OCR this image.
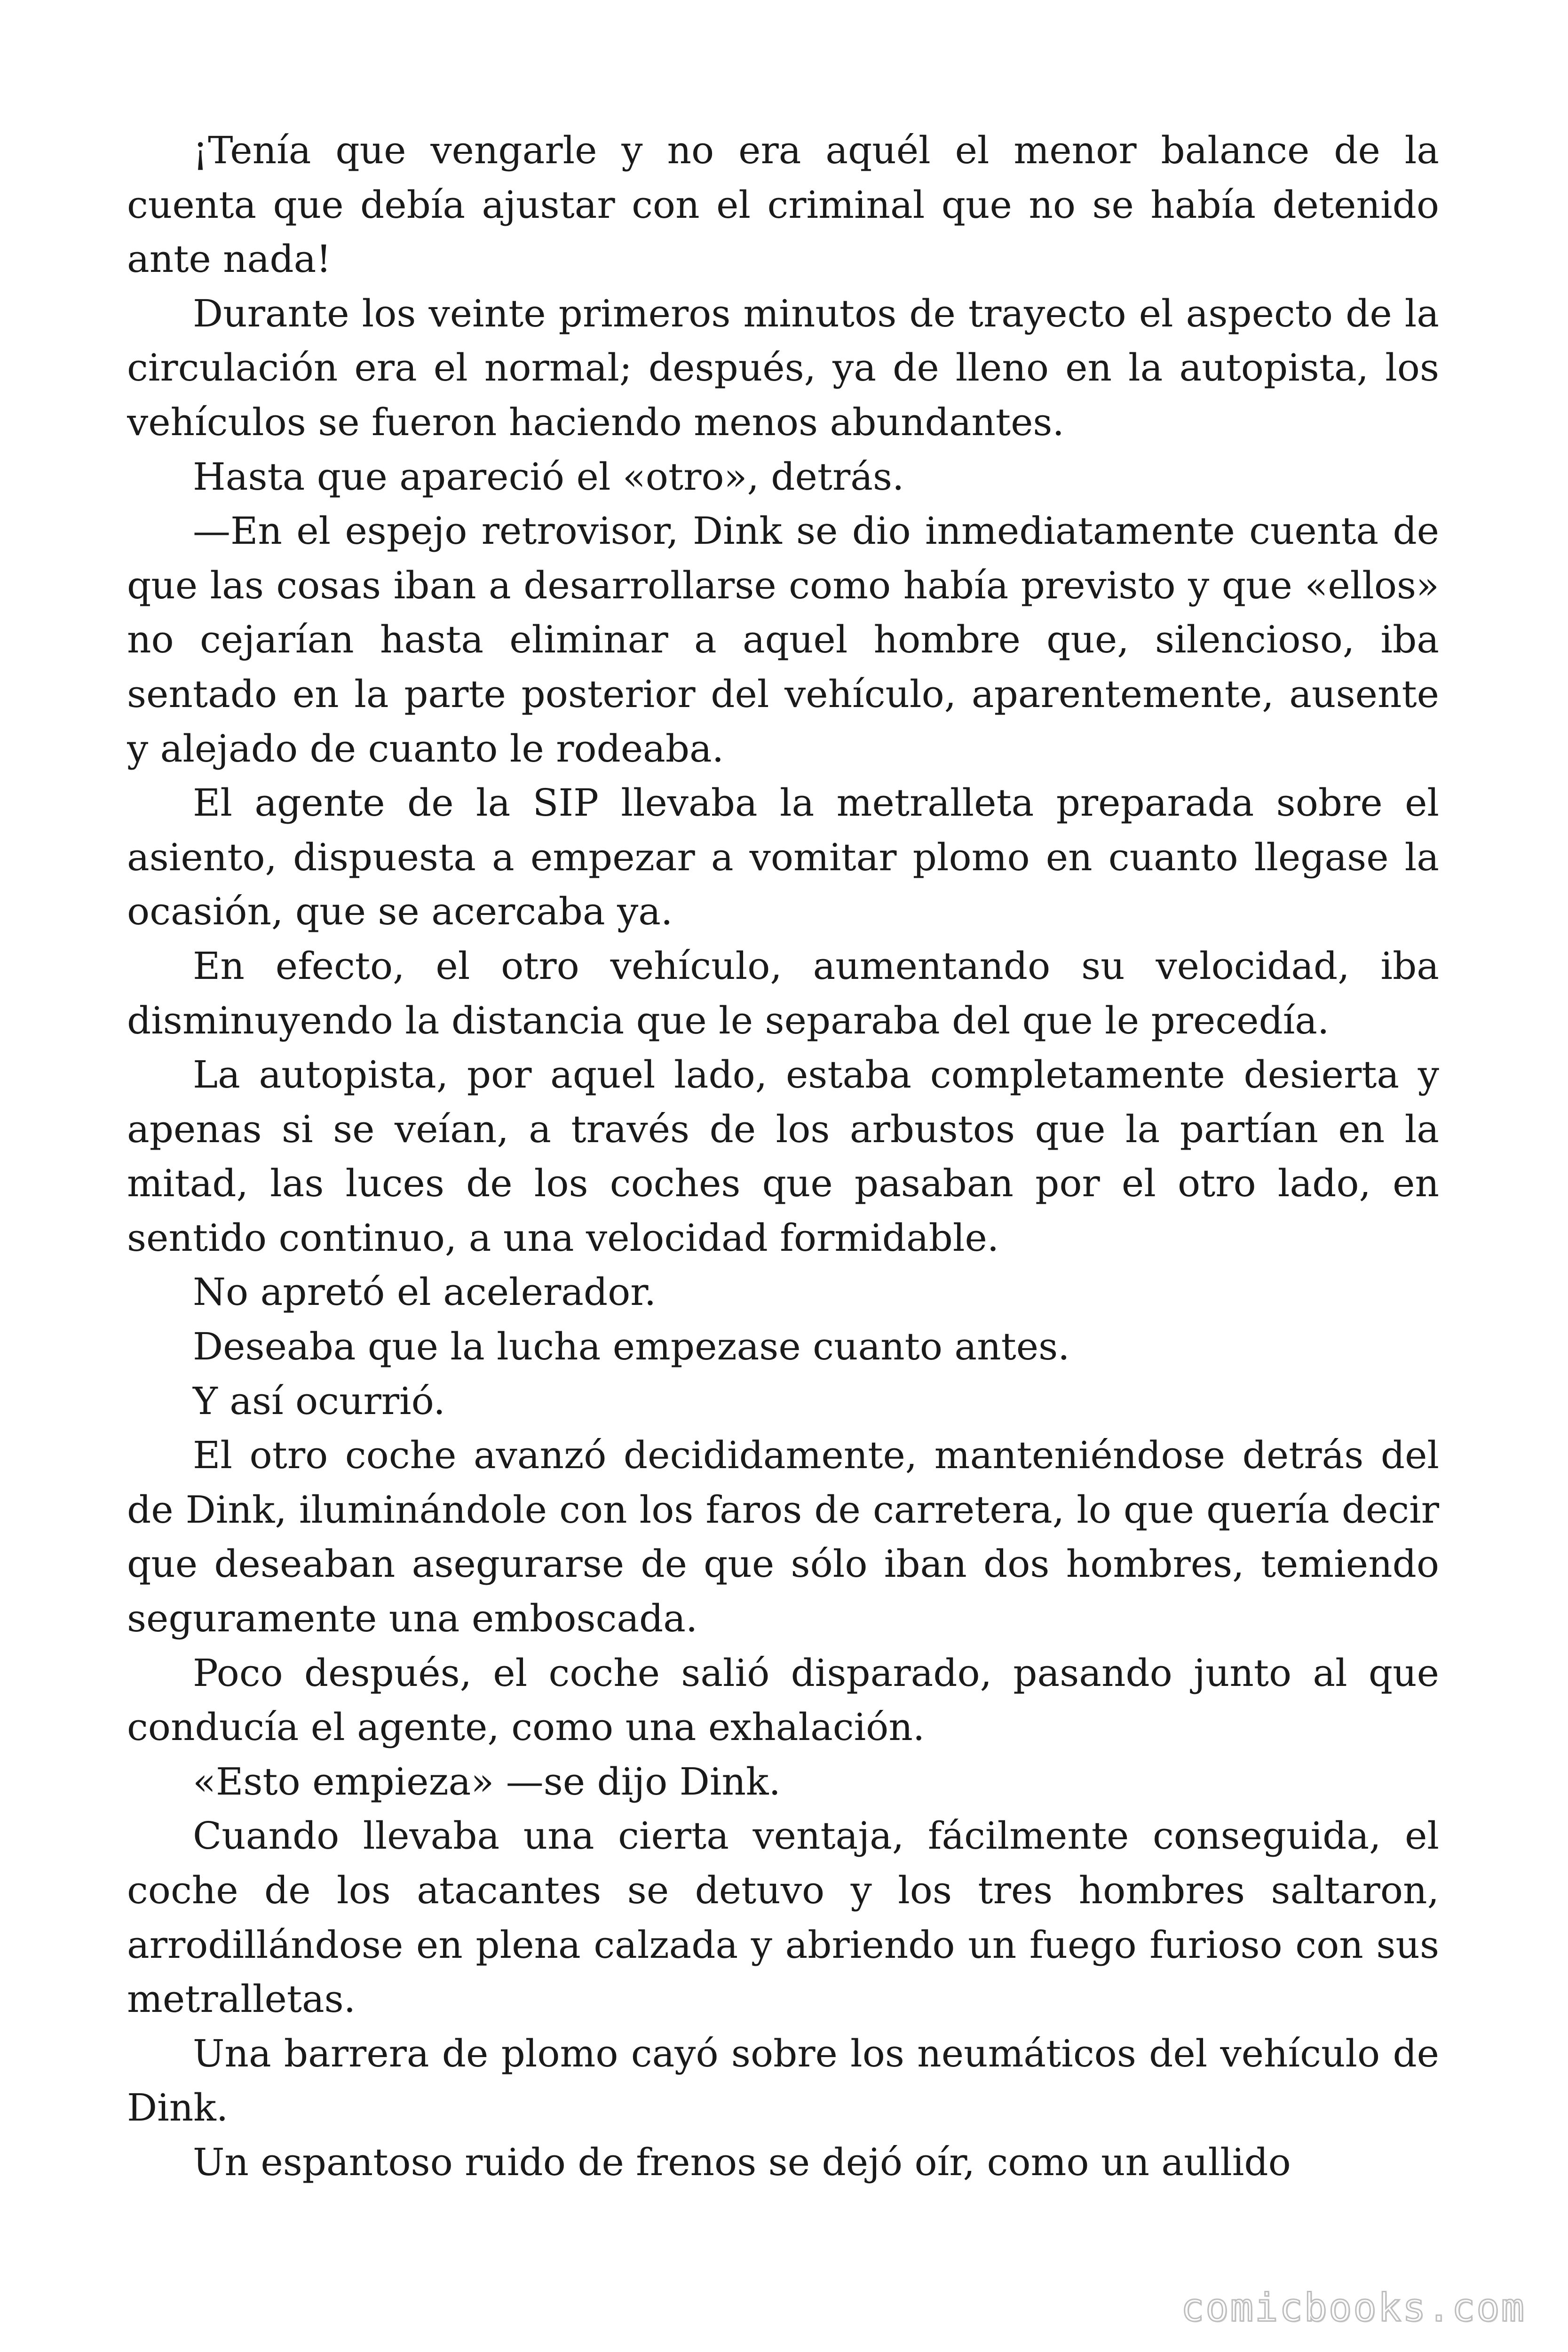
¡Tenía que vengarle y no era aquél el menor balance de la cuenta que debía ajustar con el criminal que no se había detenido ante nada!

Durante los veinte primeros minutos de trayecto el aspecto de la circulación era el normal; después, ya de lleno en la autopista, los vehículos se fueron haciendo menos abundantes.

Hasta que apareció el «otro», detrás.

—En el espejo retrovisor, Dink se dio inmediatamente cuenta de que las cosas iban a desarrollarse como había previsto y que «ellos» no cejarían hasta eliminar a aquel hombre que, silencioso, iba sentado en la parte posterior del vehículo, aparentemente, ausente y alejado de cuanto le rodeaba.

El agente de la SIP llevaba la metralleta preparada sobre el asiento, dispuesta a empezar a vomitar plomo en cuanto llegase la ocasión, que se acercaba ya.

En efecto, el otro vehículo, aumentando su velocidad, iba disminuyendo la distancia que le separaba del que le precedía.

La autopista, por aquel lado, estaba completamente desierta y apenas si se veían, a través de los arbustos que la partían en la mitad, las luces de los coches que pasaban por el otro lado, en sentido continuo, a una velocidad formidable.

No apretó el acelerador.

Deseaba que la lucha empezase cuanto antes.

Y así ocurrió.

El otro coche avanzó decididamente, manteniéndose detrás del de Dink, iluminándole con los faros de carretera, lo que quería decir que deseaban asegurarse de que sólo iban dos hombres, temiendo seguramente una emboscada.

Poco después, el coche salió disparado, pasando junto al que conducía el agente, como una exhalación.

«Esto empieza» —se dijo Dink.

Cuando llevaba una cierta ventaja, fácilmente conseguida, el coche de los atacantes se detuvo y los tres hombres saltaron, arrodillándose en plena calzada y abriendo un fuego furioso con sus metralletas.

Una barrera de plomo cayó sobre los neumáticos del vehículo de Dink.

Un espantoso ruido de frenos se dejó oír, como un aullido

comicbooks.com
